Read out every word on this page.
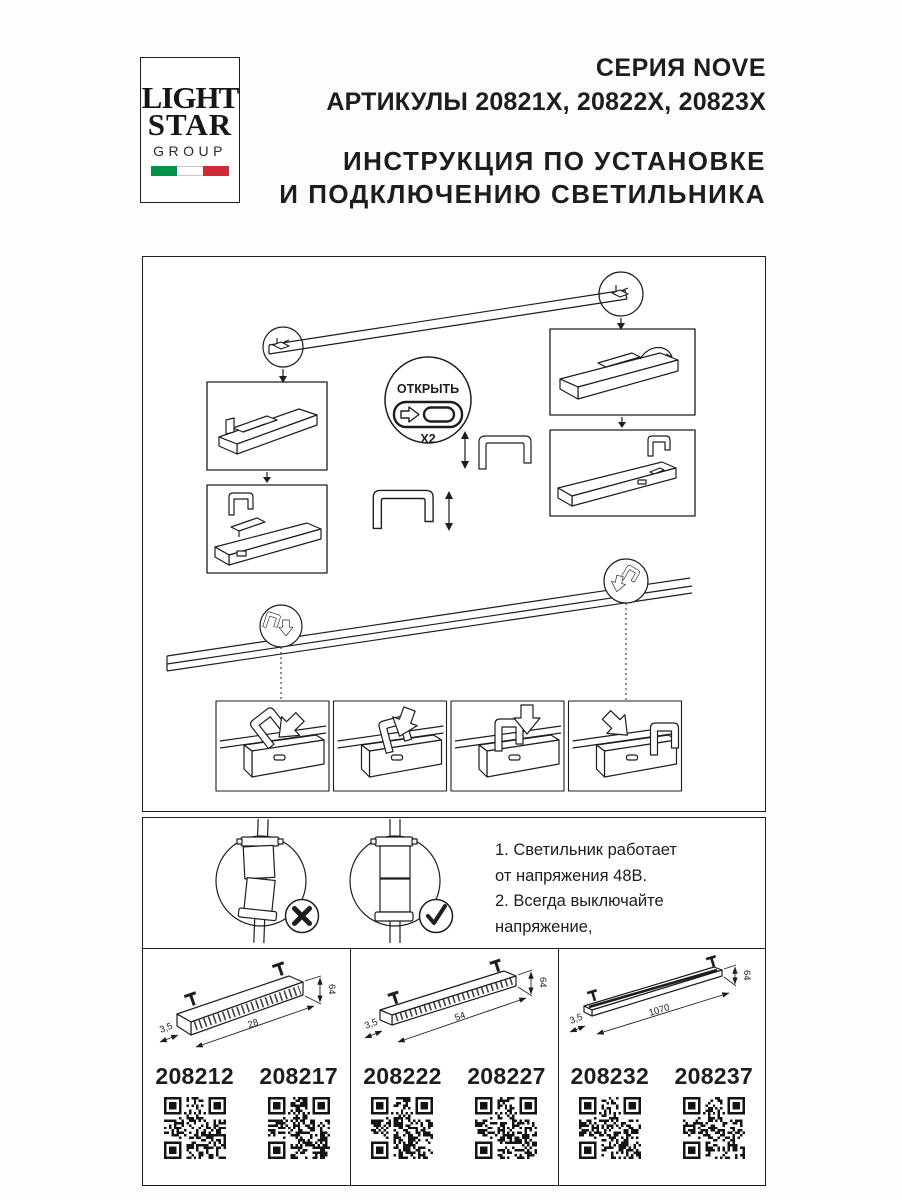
LIGHT
STAR
GROUP
СЕРИЯ NOVE
АРТИКУЛЫ 20821X, 20822X, 20823X
ИНСТРУКЦИЯ ПО УСТАНОВКЕ
И ПОДКЛЮЧЕНИЮ СВЕТИЛЬНИКА
ОТКРЫТЬ
X2
1. Светильник работает
от напряжения 48В.
2. Всегда выключайте напряжение,
3,5	28
64
208212 208217
3,5	54
64
208222 208227
3,5
1070
64
208232 208237
